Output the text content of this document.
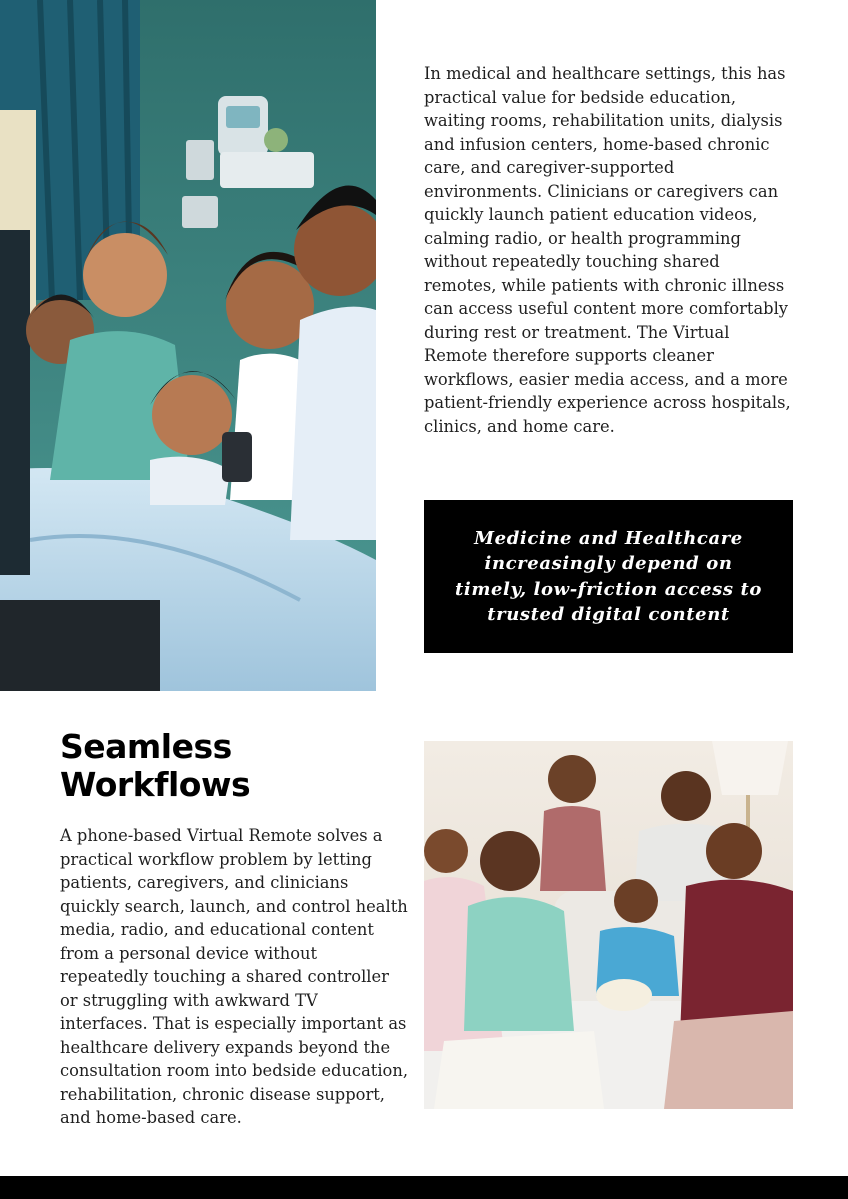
In medical and healthcare settings, this has practical value for bedside education, waiting rooms, rehabilitation units, dialysis and infusion centers, home-based chronic care, and caregiver-supported environments. Clinicians or caregivers can quickly launch patient education videos, calming radio, or health programming without repeatedly touching shared remotes, while patients with chronic illness can access useful content more comfortably during rest or treatment. The Virtual Remote therefore supports cleaner workflows, easier media access, and a more patient-friendly experience across hospitals, clinics, and home care.

Medicine and Healthcare increasingly depend on timely, low-friction access to trusted digital content

Seamless Workflows

A phone-based Virtual Remote solves a practical workflow problem by letting patients, caregivers, and clinicians quickly search, launch, and control health media, radio, and educational content from a personal device without repeatedly touching a shared controller or struggling with awkward TV interfaces. That is especially important as healthcare delivery expands beyond the consultation room into bedside education, rehabilitation, chronic disease support, and home-based care.
